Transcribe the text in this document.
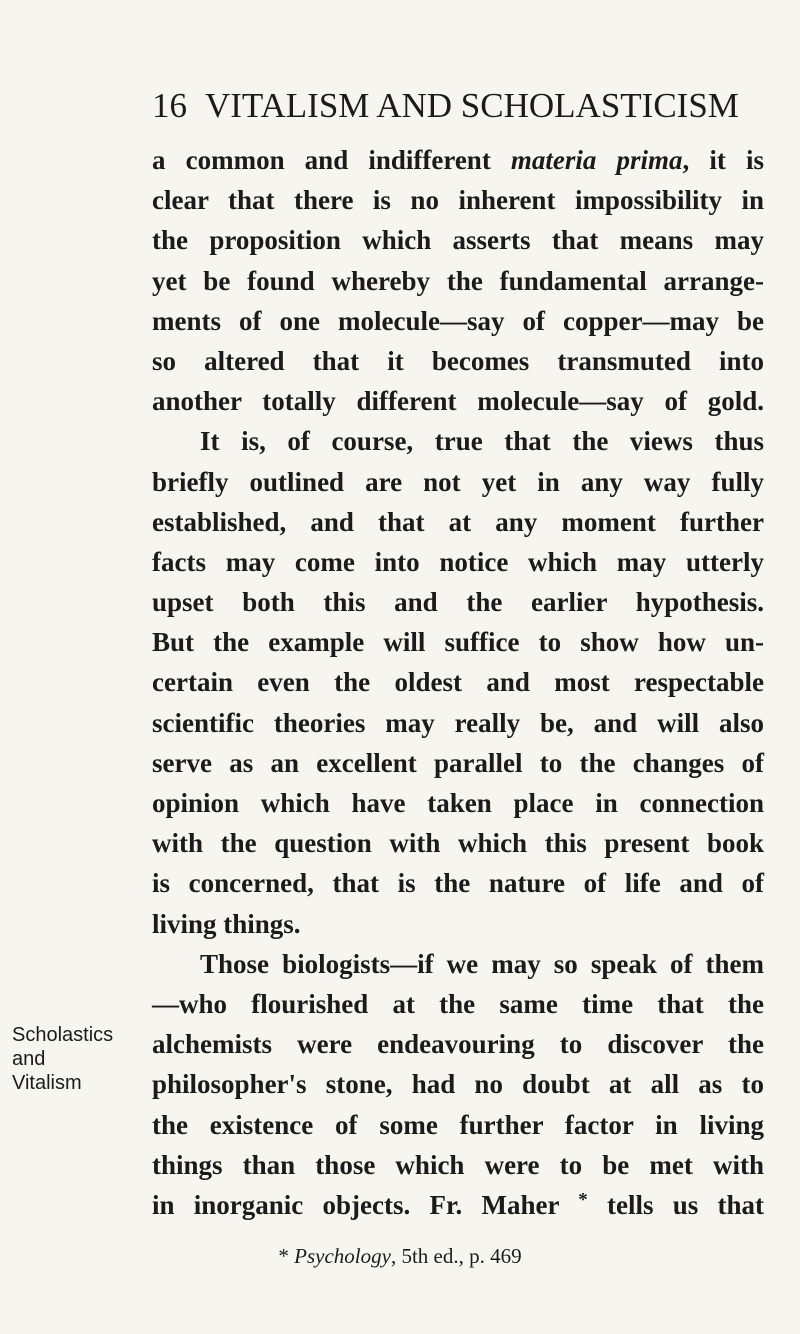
16 VITALISM AND SCHOLASTICISM
a common and indifferent materia prima, it is
clear that there is no inherent impossibility in
the proposition which asserts that means may
yet be found whereby the fundamental arrange-
ments of one molecule—say of copper—may be
so altered that it becomes transmuted into
another totally different molecule—say of gold.
It is, of course, true that the views thus
briefly outlined are not yet in any way fully
established, and that at any moment further
facts may come into notice which may utterly
upset both this and the earlier hypothesis.
But the example will suffice to show how un-
certain even the oldest and most respectable
scientific theories may really be, and will also
serve as an excellent parallel to the changes of
opinion which have taken place in connection
with the question with which this present book
is concerned, that is the nature of life and of
living things.
Those biologists—if we may so speak of them
—who flourished at the same time that the
alchemists were endeavouring to discover the
philosopher's stone, had no doubt at all as to
the existence of some further factor in living
things than those which were to be met with
in inorganic objects. Fr. Maher * tells us that
Scholastics
and
Vitalism
* Psychology, 5th ed., p. 469
